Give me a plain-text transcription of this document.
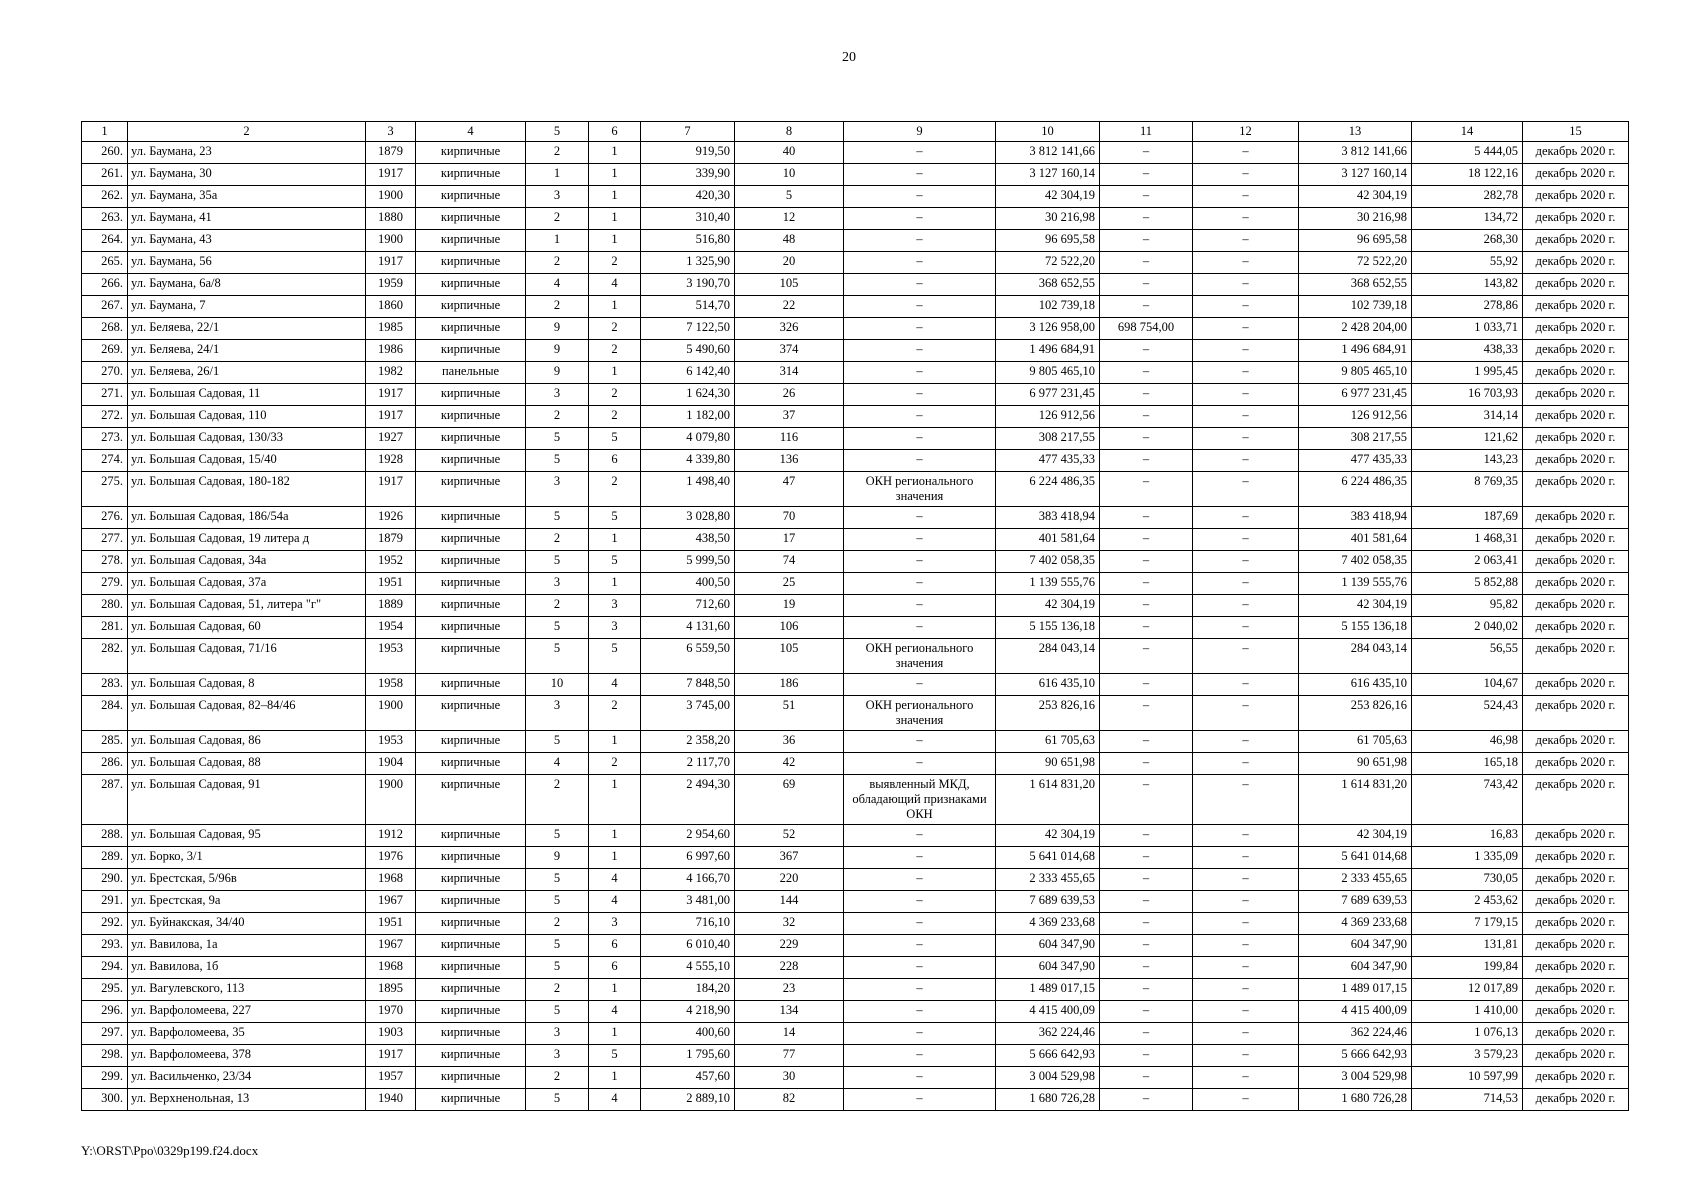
20
1	2	3	4	5	6	7	8	9	10	11	12	13	14	15
260.	ул. Баумана, 23	1879	кирпичные	2	1	919,50	40	–	3 812 141,66	–	–	3 812 141,66	5 444,05	декабрь 2020 г.
261.	ул. Баумана, 30	1917	кирпичные	1	1	339,90	10	–	3 127 160,14	–	–	3 127 160,14	18 122,16	декабрь 2020 г.
262.	ул. Баумана, 35а	1900	кирпичные	3	1	420,30	5	–	42 304,19	–	–	42 304,19	282,78	декабрь 2020 г.
263.	ул. Баумана, 41	1880	кирпичные	2	1	310,40	12	–	30 216,98	–	–	30 216,98	134,72	декабрь 2020 г.
264.	ул. Баумана, 43	1900	кирпичные	1	1	516,80	48	–	96 695,58	–	–	96 695,58	268,30	декабрь 2020 г.
265.	ул. Баумана, 56	1917	кирпичные	2	2	1 325,90	20	–	72 522,20	–	–	72 522,20	55,92	декабрь 2020 г.
266.	ул. Баумана, 6а/8	1959	кирпичные	4	4	3 190,70	105	–	368 652,55	–	–	368 652,55	143,82	декабрь 2020 г.
267.	ул. Баумана, 7	1860	кирпичные	2	1	514,70	22	–	102 739,18	–	–	102 739,18	278,86	декабрь 2020 г.
268.	ул. Беляева, 22/1	1985	кирпичные	9	2	7 122,50	326	–	3 126 958,00	698 754,00	–	2 428 204,00	1 033,71	декабрь 2020 г.
269.	ул. Беляева, 24/1	1986	кирпичные	9	2	5 490,60	374	–	1 496 684,91	–	–	1 496 684,91	438,33	декабрь 2020 г.
270.	ул. Беляева, 26/1	1982	панельные	9	1	6 142,40	314	–	9 805 465,10	–	–	9 805 465,10	1 995,45	декабрь 2020 г.
271.	ул. Большая Садовая, 11	1917	кирпичные	3	2	1 624,30	26	–	6 977 231,45	–	–	6 977 231,45	16 703,93	декабрь 2020 г.
272.	ул. Большая Садовая, 110	1917	кирпичные	2	2	1 182,00	37	–	126 912,56	–	–	126 912,56	314,14	декабрь 2020 г.
273.	ул. Большая Садовая, 130/33	1927	кирпичные	5	5	4 079,80	116	–	308 217,55	–	–	308 217,55	121,62	декабрь 2020 г.
274.	ул. Большая Садовая, 15/40	1928	кирпичные	5	6	4 339,80	136	–	477 435,33	–	–	477 435,33	143,23	декабрь 2020 г.
275.	ул. Большая Садовая, 180-182	1917	кирпичные	3	2	1 498,40	47	ОКН регионального значения	6 224 486,35	–	–	6 224 486,35	8 769,35	декабрь 2020 г.
276.	ул. Большая Садовая, 186/54а	1926	кирпичные	5	5	3 028,80	70	–	383 418,94	–	–	383 418,94	187,69	декабрь 2020 г.
277.	ул. Большая Садовая, 19 литера д	1879	кирпичные	2	1	438,50	17	–	401 581,64	–	–	401 581,64	1 468,31	декабрь 2020 г.
278.	ул. Большая Садовая, 34а	1952	кирпичные	5	5	5 999,50	74	–	7 402 058,35	–	–	7 402 058,35	2 063,41	декабрь 2020 г.
279.	ул. Большая Садовая, 37а	1951	кирпичные	3	1	400,50	25	–	1 139 555,76	–	–	1 139 555,76	5 852,88	декабрь 2020 г.
280.	ул. Большая Садовая, 51, литера "г"	1889	кирпичные	2	3	712,60	19	–	42 304,19	–	–	42 304,19	95,82	декабрь 2020 г.
281.	ул. Большая Садовая, 60	1954	кирпичные	5	3	4 131,60	106	–	5 155 136,18	–	–	5 155 136,18	2 040,02	декабрь 2020 г.
282.	ул. Большая Садовая, 71/16	1953	кирпичные	5	5	6 559,50	105	ОКН регионального значения	284 043,14	–	–	284 043,14	56,55	декабрь 2020 г.
283.	ул. Большая Садовая, 8	1958	кирпичные	10	4	7 848,50	186	–	616 435,10	–	–	616 435,10	104,67	декабрь 2020 г.
284.	ул. Большая Садовая, 82–84/46	1900	кирпичные	3	2	3 745,00	51	ОКН регионального значения	253 826,16	–	–	253 826,16	524,43	декабрь 2020 г.
285.	ул. Большая Садовая, 86	1953	кирпичные	5	1	2 358,20	36	–	61 705,63	–	–	61 705,63	46,98	декабрь 2020 г.
286.	ул. Большая Садовая, 88	1904	кирпичные	4	2	2 117,70	42	–	90 651,98	–	–	90 651,98	165,18	декабрь 2020 г.
287.	ул. Большая Садовая, 91	1900	кирпичные	2	1	2 494,30	69	выявленный МКД, обладающий признаками ОКН	1 614 831,20	–	–	1 614 831,20	743,42	декабрь 2020 г.
288.	ул. Большая Садовая, 95	1912	кирпичные	5	1	2 954,60	52	–	42 304,19	–	–	42 304,19	16,83	декабрь 2020 г.
289.	ул. Борко, 3/1	1976	кирпичные	9	1	6 997,60	367	–	5 641 014,68	–	–	5 641 014,68	1 335,09	декабрь 2020 г.
290.	ул. Брестская, 5/96в	1968	кирпичные	5	4	4 166,70	220	–	2 333 455,65	–	–	2 333 455,65	730,05	декабрь 2020 г.
291.	ул. Брестская, 9а	1967	кирпичные	5	4	3 481,00	144	–	7 689 639,53	–	–	7 689 639,53	2 453,62	декабрь 2020 г.
292.	ул. Буйнакская, 34/40	1951	кирпичные	2	3	716,10	32	–	4 369 233,68	–	–	4 369 233,68	7 179,15	декабрь 2020 г.
293.	ул. Вавилова, 1а	1967	кирпичные	5	6	6 010,40	229	–	604 347,90	–	–	604 347,90	131,81	декабрь 2020 г.
294.	ул. Вавилова, 1б	1968	кирпичные	5	6	4 555,10	228	–	604 347,90	–	–	604 347,90	199,84	декабрь 2020 г.
295.	ул. Вагулевского, 113	1895	кирпичные	2	1	184,20	23	–	1 489 017,15	–	–	1 489 017,15	12 017,89	декабрь 2020 г.
296.	ул. Варфоломеева, 227	1970	кирпичные	5	4	4 218,90	134	–	4 415 400,09	–	–	4 415 400,09	1 410,00	декабрь 2020 г.
297.	ул. Варфоломеева, 35	1903	кирпичные	3	1	400,60	14	–	362 224,46	–	–	362 224,46	1 076,13	декабрь 2020 г.
298.	ул. Варфоломеева, 378	1917	кирпичные	3	5	1 795,60	77	–	5 666 642,93	–	–	5 666 642,93	3 579,23	декабрь 2020 г.
299.	ул. Васильченко, 23/34	1957	кирпичные	2	1	457,60	30	–	3 004 529,98	–	–	3 004 529,98	10 597,99	декабрь 2020 г.
300.	ул. Верхненольная, 13	1940	кирпичные	5	4	2 889,10	82	–	1 680 726,28	–	–	1 680 726,28	714,53	декабрь 2020 г.
Y:\ORST\Ppo\0329p199.f24.docx
